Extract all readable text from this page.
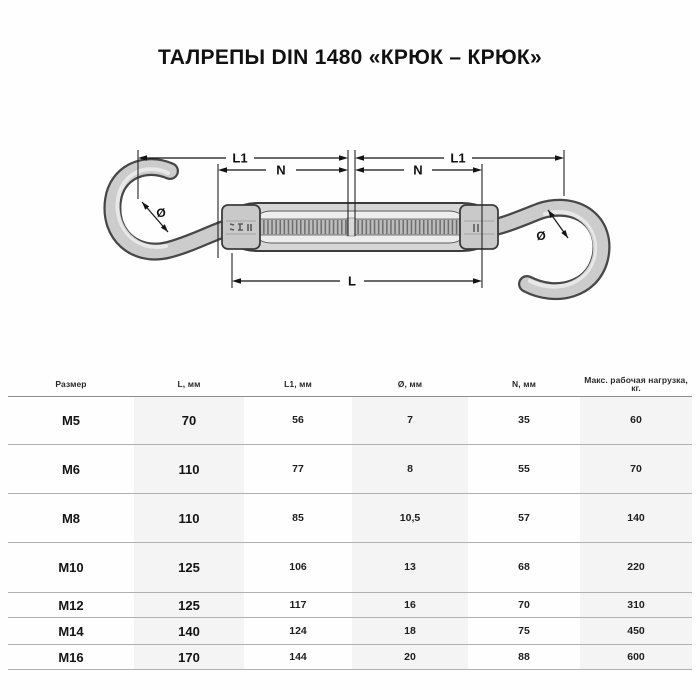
ТАЛРЕПЫ DIN 1480 «КРЮК – КРЮК»
L1
N	N
L1
L
Ø
Ø
Размер	L, мм	L1, мм	Ø, мм	N, мм	Макс. рабочая нагрузка, кг.
M5	70	56	7	35	60
M6	110	77	8	55	70
M8	110	85	10,5	57	140
M10	125	106	13	68	220
M12	125	117	16	70	310
M14	140	124	18	75	450
M16	170	144	20	88	600
